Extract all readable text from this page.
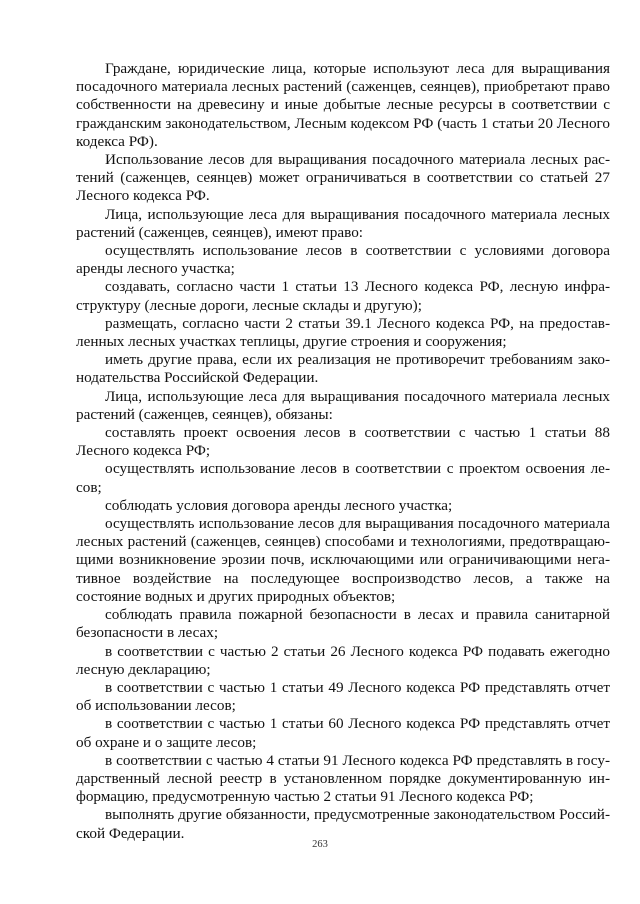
Граждане, юридические лица, которые используют леса для выращивания посадочного материала лесных растений (саженцев, сеянцев), приобретают право собственности на древесину и иные добытые лесные ресурсы в соответствии с гражданским законодательством, Лесным кодексом РФ (часть 1 статьи 20 Лесного кодекса РФ).

Использование лесов для выращивания посадочного материала лесных растений (саженцев, сеянцев) может ограничиваться в соответствии со статьей 27 Лесного кодекса РФ.

Лица, использующие леса для выращивания посадочного материала лесных растений (саженцев, сеянцев), имеют право:

осуществлять использование лесов в соответствии с условиями договора аренды лесного участка;

создавать, согласно части 1 статьи 13 Лесного кодекса РФ, лесную инфраструктуру (лесные дороги, лесные склады и другую);

размещать, согласно части 2 статьи 39.1 Лесного кодекса РФ, на предоставленных лесных участках теплицы, другие строения и сооружения;

иметь другие права, если их реализация не противоречит требованиям законодательства Российской Федерации.

Лица, использующие леса для выращивания посадочного материала лесных растений (саженцев, сеянцев), обязаны:

составлять проект освоения лесов в соответствии с частью 1 статьи 88 Лесного кодекса РФ;

осуществлять использование лесов в соответствии с проектом освоения лесов;

соблюдать условия договора аренды лесного участка;

осуществлять использование лесов для выращивания посадочного материала лесных растений (саженцев, сеянцев) способами и технологиями, предотвращающими возникновение эрозии почв, исключающими или ограничивающими негативное воздействие на последующее воспроизводство лесов, а также на состояние водных и других природных объектов;

соблюдать правила пожарной безопасности в лесах и правила санитарной безопасности в лесах;

в соответствии с частью 2 статьи 26 Лесного кодекса РФ подавать ежегодно лесную декларацию;

в соответствии с частью 1 статьи 49 Лесного кодекса РФ представлять отчет об использовании лесов;

в соответствии с частью 1 статьи 60 Лесного кодекса РФ представлять отчет об охране и о защите лесов;

в соответствии с частью 4 статьи 91 Лесного кодекса РФ представлять в государственный лесной реестр в установленном порядке документированную информацию, предусмотренную частью 2 статьи 91 Лесного кодекса РФ;

выполнять другие обязанности, предусмотренные законодательством Российской Федерации.

263
